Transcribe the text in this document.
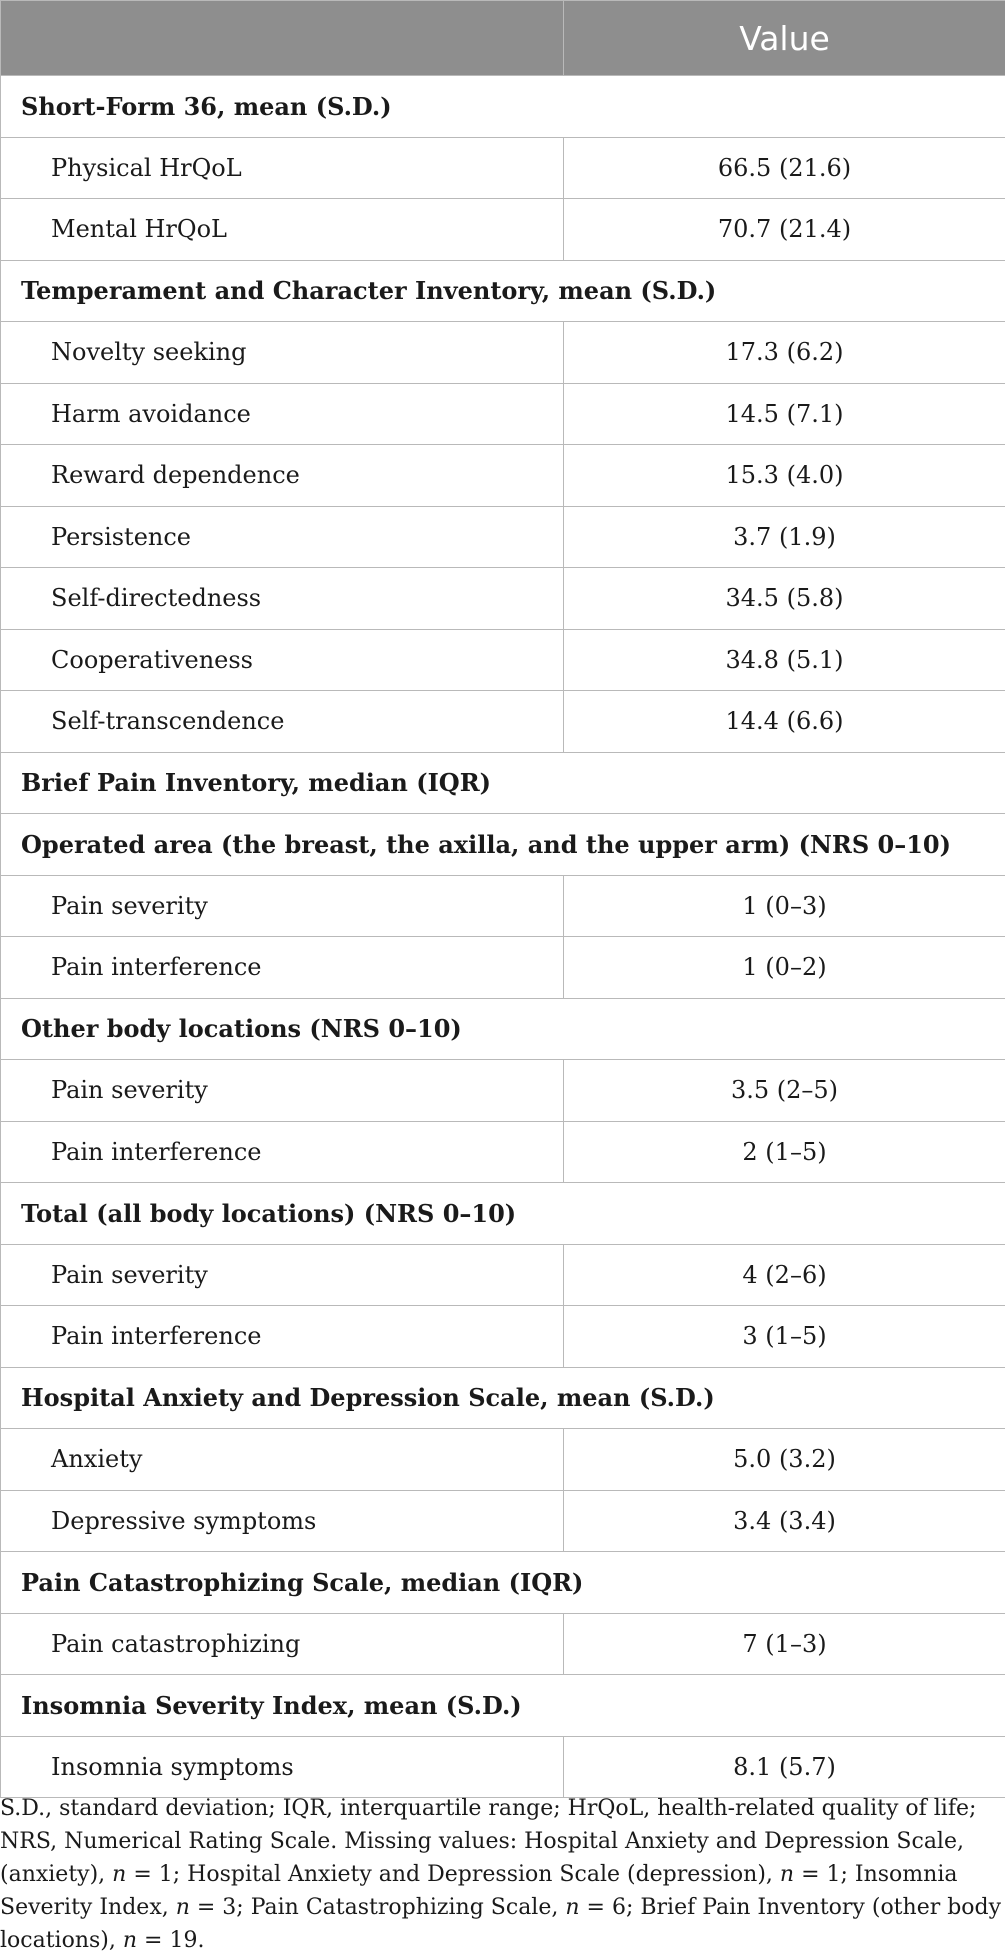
	Value
Short-Form 36, mean (S.D.)	
Physical HrQoL	66.5 (21.6)
Mental HrQoL	70.7 (21.4)
Temperament and Character Inventory, mean (S.D.)	
Novelty seeking	17.3 (6.2)
Harm avoidance	14.5 (7.1)
Reward dependence	15.3 (4.0)
Persistence	3.7 (1.9)
Self-directedness	34.5 (5.8)
Cooperativeness	34.8 (5.1)
Self-transcendence	14.4 (6.6)
Brief Pain Inventory, median (IQR)	
Operated area (the breast, the axilla, and the upper arm) (NRS 0–10)	
Pain severity	1 (0–3)
Pain interference	1 (0–2)
Other body locations (NRS 0–10)	
Pain severity	3.5 (2–5)
Pain interference	2 (1–5)
Total (all body locations) (NRS 0–10)	
Pain severity	4 (2–6)
Pain interference	3 (1–5)
Hospital Anxiety and Depression Scale, mean (S.D.)	
Anxiety	5.0 (3.2)
Depressive symptoms	3.4 (3.4)
Pain Catastrophizing Scale, median (IQR)	
Pain catastrophizing	7 (1–3)
Insomnia Severity Index, mean (S.D.)	
Insomnia symptoms	8.1 (5.7)

S.D., standard deviation; IQR, interquartile range; HrQoL, health-related quality of life; NRS, Numerical Rating Scale. Missing values: Hospital Anxiety and Depression Scale, (anxiety), n = 1; Hospital Anxiety and Depression Scale (depression), n = 1; Insomnia Severity Index, n = 3; Pain Catastrophizing Scale, n = 6; Brief Pain Inventory (other body locations), n = 19.
